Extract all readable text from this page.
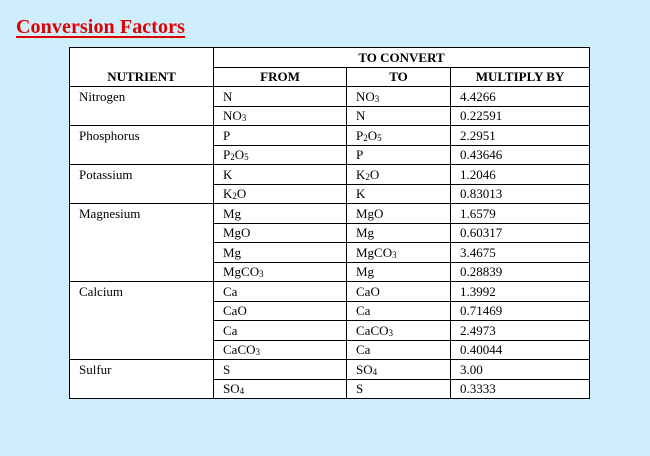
Conversion Factors
	TO CONVERT		
NUTRIENT	FROM	TO	MULTIPLY BY
Nitrogen	N	$NO_3$	4.4266
	$NO_3$	N	0.22591
Phosphorus	P	$P_2O_5$	2.2951
	$P_2O_5$	P	0.43646
Potassium	K	$K_2O$	1.2046
	$K_2O$	K	0.83013
Magnesium	Mg	MgO	1.6579
	MgO	Mg	0.60317
	Mg	MgCO$_3$	3.4675
	MgCO$_3$	Mg	0.28839
Calcium	Ca	CaO	1.3992
	CaO	Ca	0.71469
	Ca	CaCO$_3$	2.4973
	CaCO$_3$	Ca	0.40044
Sulfur	S	$SO_4$	3.00
	$SO_4$	S	0.3333
